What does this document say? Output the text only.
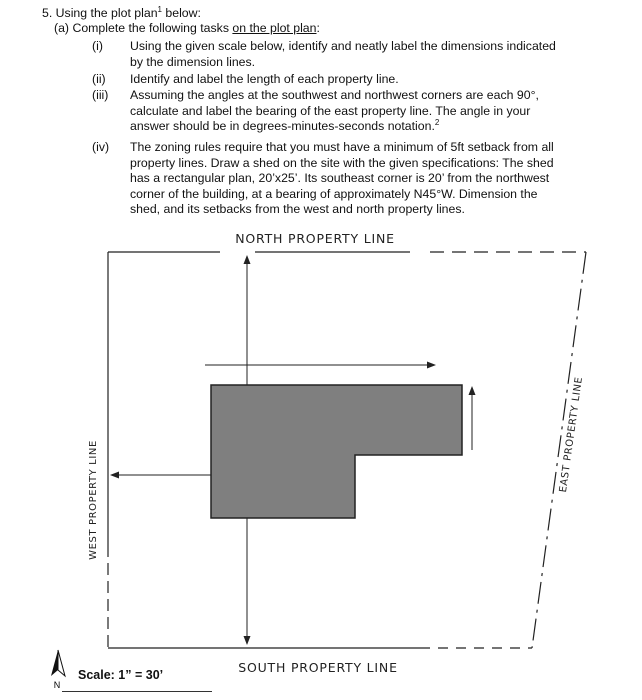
5. Using the plot plan$^1$ below:
(a) Complete the following tasks on the plot plan:
(i)	Using the given scale below, identify and neatly label the dimensions indicated by the dimension lines.
(ii)	Identify and label the length of each property line.
(iii)	Assuming the angles at the southwest and northwest corners are each 90°, calculate and label the bearing of the east property line. The angle in your answer should be in degrees-minutes-seconds notation.$^2$
(iv)	The zoning rules require that you must have a minimum of 5ft setback from all property lines. Draw a shed on the site with the given specifications: The shed has a rectangular plan, 20’x25’. Its southeast corner is 20’ from the northwest corner of the building, at a bearing of approximately N45°W. Dimension the shed, and its setbacks from the west and north property lines.
NORTH PROPERTY LINE
SOUTH PROPERTY LINE
WEST PROPERTY LINE
EAST PROPERTY LINE
N
Scale: 1” = 30’
